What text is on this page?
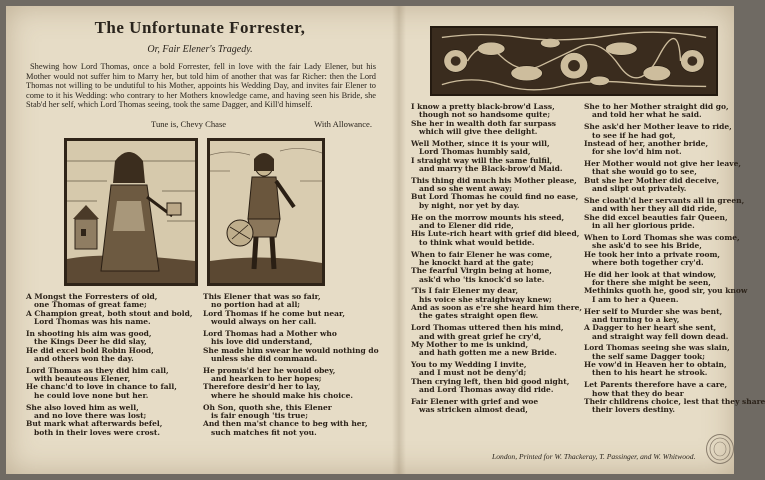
The Unfortunate Forrester,
Or, Fair Elener's Tragedy.
Shewing how Lord Thomas, once a bold Forrester, fell in love with the fair Lady Elener, but his Mother would not suffer him to Marry her, but told him of another that was far Richer: then the Lord Thomas not willing to be undutiful to his Mother, appoints his Wedding Day, and invites fair Elener to come to it his Wedding: who contrary to her Mothers knowledge came, and having seen his Bride, she Stab'd her self, which Lord Thomas seeing, took the same Dagger, and Kill'd himself.
Tune is, Chevy Chase	With Allowance.
A Mongst the Forresters of old,
one Thomas of great fame;
A Champion great, both stout and bold,
Lord Thomas was his name.
In shooting his aim was good,
the Kings Deer he did slay,
He did excel bold Robin Hood,
and others won the day.
Lord Thomas as they did him call,
with beauteous Elener,
He chanc'd to love in chance to fall,
he could love none but her.
She also loved him as well,
and no love there was lost;
But mark what afterwards befel,
both in their loves were crost.
This Elener that was so fair,
no portion had at all;
Lord Thomas if he come but near,
would always on her call.
Lord Thomas had a Mother who
his love did understand,
She made him swear he would nothing do
unless she did command.
He promis'd her he would obey,
and hearken to her hopes;
Therefore desir'd her to lay,
where he should make his choice.
Oh Son, quoth she, this Elener
is fair enough 'tis true;
And then ma'st chance to beg with her,
such matches fit not you.
I know a pretty black-brow'd Lass,
though not so handsome quite;
She her in wealth doth far surpass
which will give thee delight.
Well Mother, since it is your will,
Lord Thomas humbly said,
I straight way will the same fulfil,
and marry the Black-brow'd Maid.
This thing did much his Mother please,
and so she went away;
But Lord Thomas he could find no ease,
by night, nor yet by day.
He on the morrow mounts his steed,
and to Elener did ride,
His Lute-rich heart with grief did bleed,
to think what would betide.
When to fair Elener he was come,
he knockt hard at the gate;
The fearful Virgin being at home,
ask'd who 'tis knock'd so late.
'Tis I fair Elener my dear,
his voice she straightway knew;
And as soon as e're she heard him there,
the gates straight open flew.
Lord Thomas uttered then his mind,
and with great grief he cry'd,
My Mother to me is unkind,
and hath gotten me a new Bride.
You to my Wedding I invite,
and I must not be deny'd;
Then crying left, then bid good night,
and Lord Thomas away did ride.
Fair Elener with grief and woe
was stricken almost dead,
She to her Mother straight did go,
and told her what he said.
She ask'd her Mother leave to ride,
to see if he had got,
Instead of her, another bride,
for she lov'd him not.
Her Mother would not give her leave,
that she would go to see,
But she her Mother did deceive,
and slipt out privately.
She cloath'd her servants all in green,
and with her they all did ride,
She did excel beauties fair Queen,
in all her glorious pride.
When to Lord Thomas she was come,
she ask'd to see his Bride,
He took her into a private room,
where both together cry'd.
He did her look at that window,
for there she might be seen,
Methinks quoth he, good sir, you know
I am to her a Queen.
Her self to Murder she was bent,
and turning to a key,
A Dagger to her heart she sent,
and straight way fell down dead.
Lord Thomas seeing she was slain,
the self same Dagger took;
He vow'd in Heaven her to obtain,
then to his heart he strook.
Let Parents therefore have a care,
how that they do bear
Their childrens choice, lest that they share
their lovers destiny.
London, Printed for W. Thackeray, T. Passinger, and W. Whitwood.
